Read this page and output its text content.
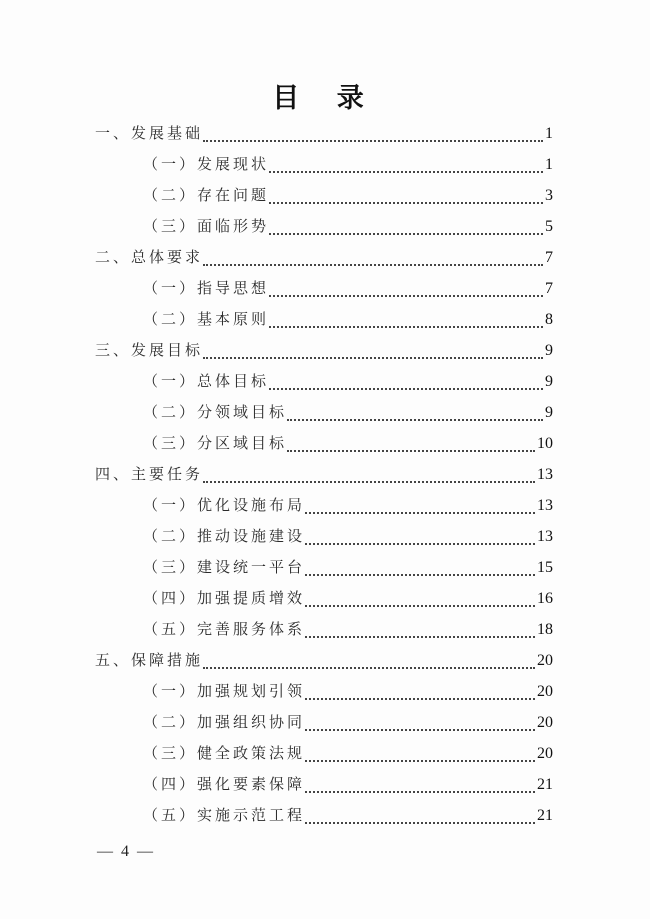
目 录
一、发展基础	1
（一）发展现状	1
（二）存在问题	3
（三）面临形势	5
二、总体要求	7
（一）指导思想	7
（二）基本原则	8
三、发展目标	9
（一）总体目标	9
（二）分领域目标	9
（三）分区域目标	10
四、主要任务	13
（一）优化设施布局	13
（二）推动设施建设	13
（三）建设统一平台	15
（四）加强提质增效	16
（五）完善服务体系	18
五、保障措施	20
（一）加强规划引领	20
（二）加强组织协同	20
（三）健全政策法规	20
（四）强化要素保障	21
（五）实施示范工程	21
—  4  —
